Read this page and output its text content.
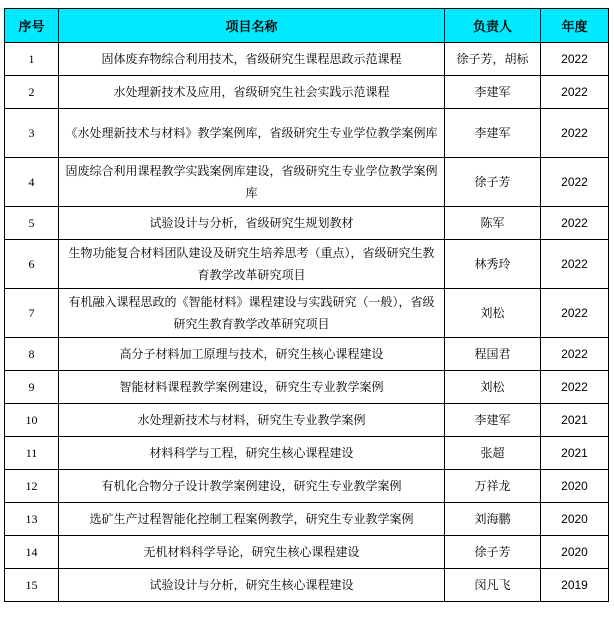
序号	项目名称	负责人	年度
1	固体废弃物综合利用技术，省级研究生课程思政示范课程	徐子芳，胡标	2022
2	水处理新技术及应用，省级研究生社会实践示范课程	李建军	2022
3	《水处理新技术与材料》教学案例库，省级研究生专业学位教学案例库	李建军	2022
4	固废综合利用课程教学实践案例库建设，省级研究生专业学位教学案例库	徐子芳	2022
5	试验设计与分析，省级研究生规划教材	陈军	2022
6	生物功能复合材料团队建设及研究生培养思考（重点），省级研究生教育教学改革研究项目	林秀玲	2022
7	有机融入课程思政的《智能材料》课程建设与实践研究（一般），省级研究生教育教学改革研究项目	刘松	2022
8	高分子材料加工原理与技术，研究生核心课程建设	程国君	2022
9	智能材料课程教学案例建设，研究生专业教学案例	刘松	2022
10	水处理新技术与材料，研究生专业教学案例	李建军	2021
11	材料科学与工程，研究生核心课程建设	张超	2021
12	有机化合物分子设计教学案例建设，研究生专业教学案例	万祥龙	2020
13	选矿生产过程智能化控制工程案例教学，研究生专业教学案例	刘海鹏	2020
14	无机材料科学导论，研究生核心课程建设	徐子芳	2020
15	试验设计与分析，研究生核心课程建设	闵凡飞	2019
